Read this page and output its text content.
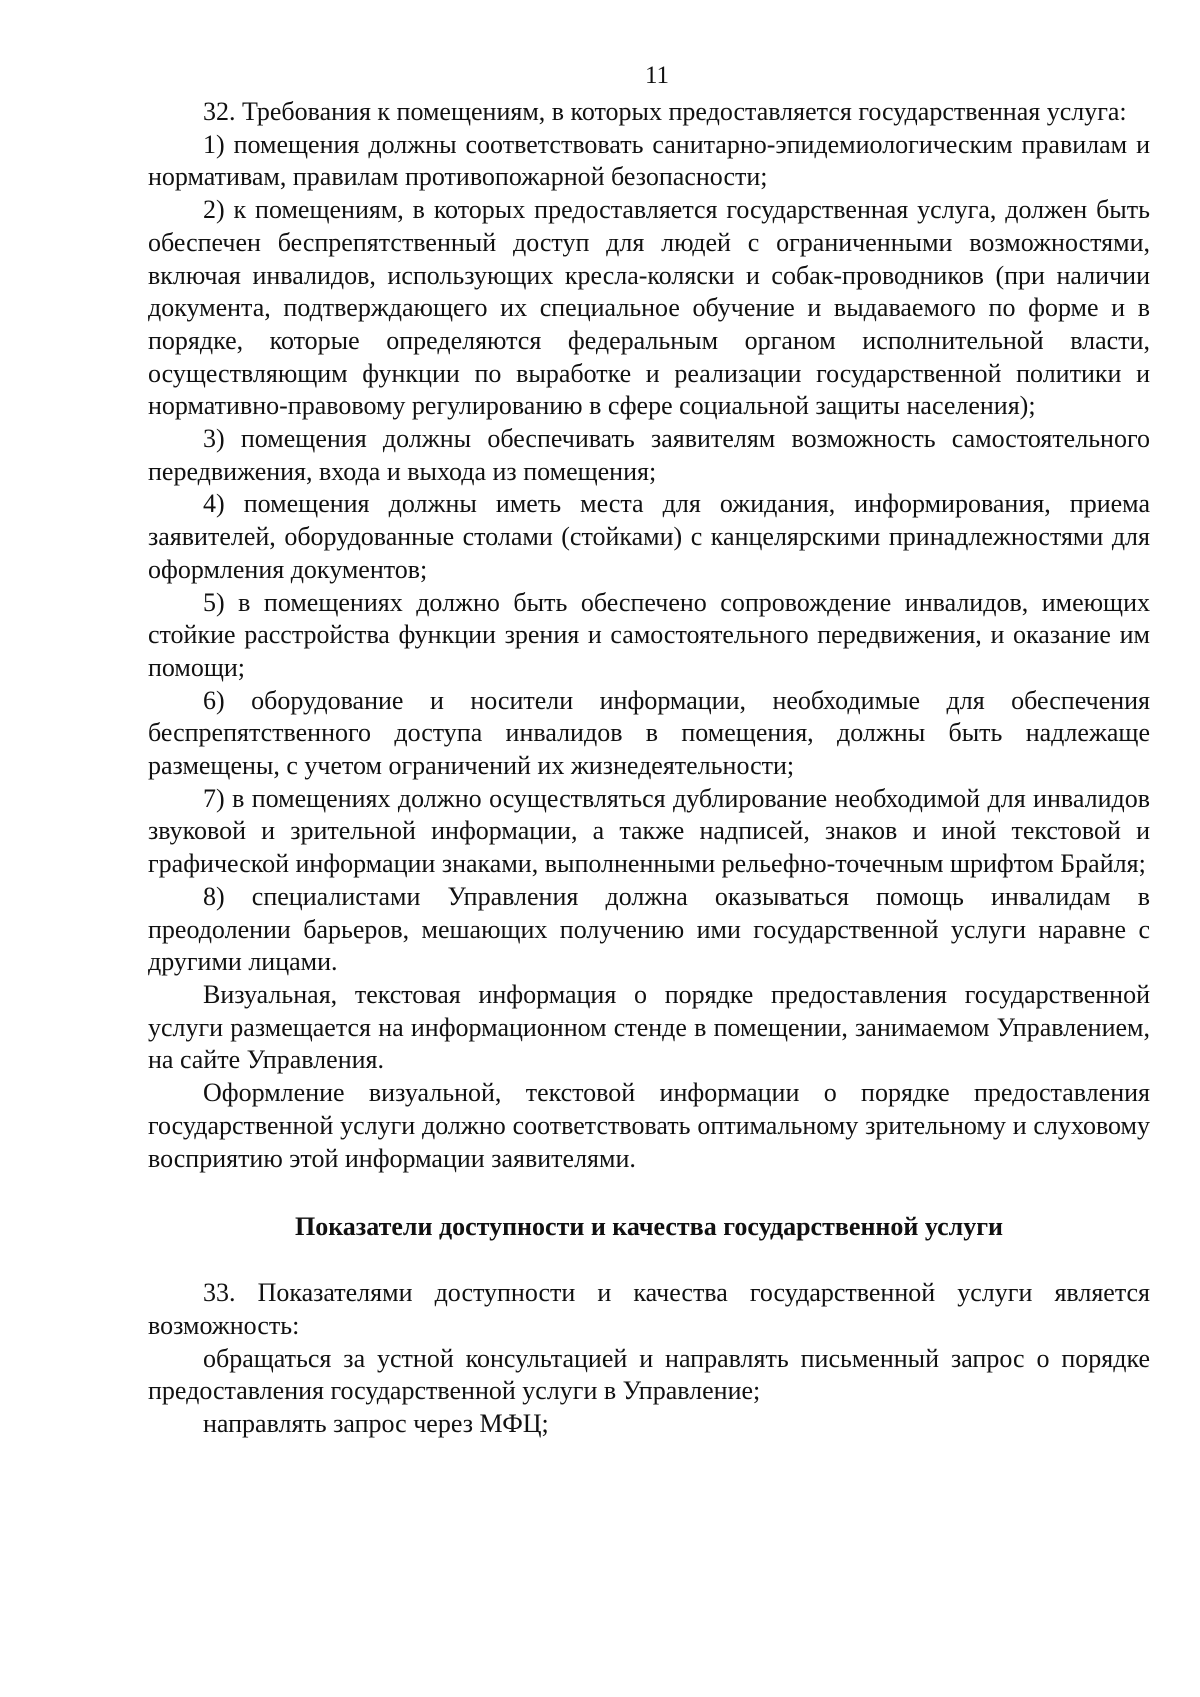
11

32. Требования к помещениям, в которых предоставляется государственная услуга:

1) помещения должны соответствовать санитарно-эпидемиологическим правилам и нормативам, правилам противопожарной безопасности;

2) к помещениям, в которых предоставляется государственная услуга, должен быть обеспечен беспрепятственный доступ для людей с ограниченными возможностями, включая инвалидов, использующих кресла-коляски и собак-проводников (при наличии документа, подтверждающего их специальное обучение и выдаваемого по форме и в порядке, которые определяются федеральным органом исполнительной власти, осуществляющим функции по выработке и реализации государственной политики и нормативно-правовому регулированию в сфере социальной защиты населения);

3) помещения должны обеспечивать заявителям возможность самостоятельного передвижения, входа и выхода из помещения;

4) помещения должны иметь места для ожидания, информирования, приема заявителей, оборудованные столами (стойками) с канцелярскими принадлежностями для оформления документов;

5) в помещениях должно быть обеспечено сопровождение инвалидов, имеющих стойкие расстройства функции зрения и самостоятельного передвижения, и оказание им помощи;

6) оборудование и носители информации, необходимые для обеспечения беспрепятственного доступа инвалидов в помещения, должны быть надлежаще размещены, с учетом ограничений их жизнедеятельности;

7) в помещениях должно осуществляться дублирование необходимой для инвалидов звуковой и зрительной информации, а также надписей, знаков и иной текстовой и графической информации знаками, выполненными рельефно-точечным шрифтом Брайля;

8) специалистами Управления должна оказываться помощь инвалидам в преодолении барьеров, мешающих получению ими государственной услуги наравне с другими лицами.

Визуальная, текстовая информация о порядке предоставления государственной услуги размещается на информационном стенде в помещении, занимаемом Управлением, на сайте Управления.

Оформление визуальной, текстовой информации о порядке предоставления государственной услуги должно соответствовать оптимальному зрительному и слуховому восприятию этой информации заявителями.

Показатели доступности и качества государственной услуги

33. Показателями доступности и качества государственной услуги является возможность:

обращаться за устной консультацией и направлять письменный запрос о порядке предоставления государственной услуги в Управление;

направлять запрос через МФЦ;
